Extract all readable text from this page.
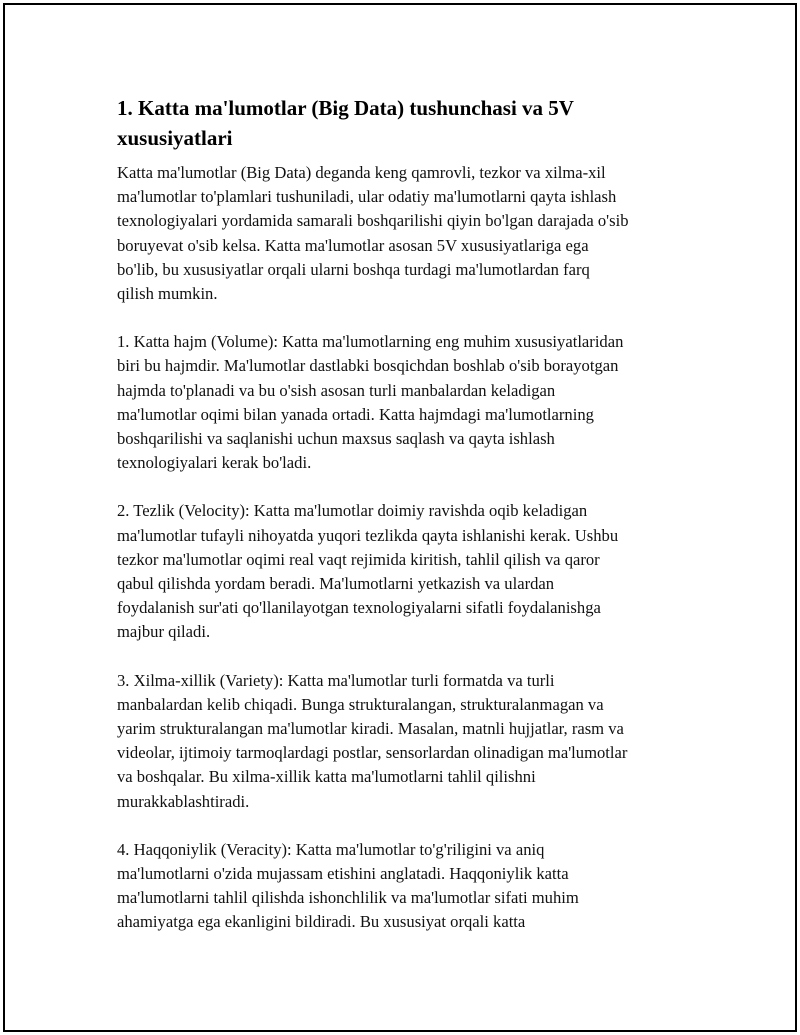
1. Katta ma'lumotlar (Big Data) tushunchasi va 5V
xususiyatlari

Katta ma'lumotlar (Big Data) deganda keng qamrovli, tezkor va xilma-xil
ma'lumotlar to'plamlari tushuniladi, ular odatiy ma'lumotlarni qayta ishlash
texnologiyalari yordamida samarali boshqarilishi qiyin bo'lgan darajada o'sib
boruyevat o'sib kelsa. Katta ma'lumotlar asosan 5V xususiyatlariga ega
bo'lib, bu xususiyatlar orqali ularni boshqa turdagi ma'lumotlardan farq
qilish mumkin.

1. Katta hajm (Volume): Katta ma'lumotlarning eng muhim xususiyatlaridan
biri bu hajmdir. Ma'lumotlar dastlabki bosqichdan boshlab o'sib borayotgan
hajmda to'planadi va bu o'sish asosan turli manbalardan keladigan
ma'lumotlar oqimi bilan yanada ortadi. Katta hajmdagi ma'lumotlarning
boshqarilishi va saqlanishi uchun maxsus saqlash va qayta ishlash
texnologiyalari kerak bo'ladi.

2. Tezlik (Velocity): Katta ma'lumotlar doimiy ravishda oqib keladigan
ma'lumotlar tufayli nihoyatda yuqori tezlikda qayta ishlanishi kerak. Ushbu
tezkor ma'lumotlar oqimi real vaqt rejimida kiritish, tahlil qilish va qaror
qabul qilishda yordam beradi. Ma'lumotlarni yetkazish va ulardan
foydalanish sur'ati qo'llanilayotgan texnologiyalarni sifatli foydalanishga
majbur qiladi.

3. Xilma-xillik (Variety): Katta ma'lumotlar turli formatda va turli
manbalardan kelib chiqadi. Bunga strukturalangan, strukturalanmagan va
yarim strukturalangan ma'lumotlar kiradi. Masalan, matnli hujjatlar, rasm va
videolar, ijtimoiy tarmoqlardagi postlar, sensorlardan olinadigan ma'lumotlar
va boshqalar. Bu xilma-xillik katta ma'lumotlarni tahlil qilishni
murakkablashtiradi.

4. Haqqoniylik (Veracity): Katta ma'lumotlar to'g'riligini va aniq
ma'lumotlarni o'zida mujassam etishini anglatadi. Haqqoniylik katta
ma'lumotlarni tahlil qilishda ishonchlilik va ma'lumotlar sifati muhim
ahamiyatga ega ekanligini bildiradi. Bu xususiyat orqali katta
